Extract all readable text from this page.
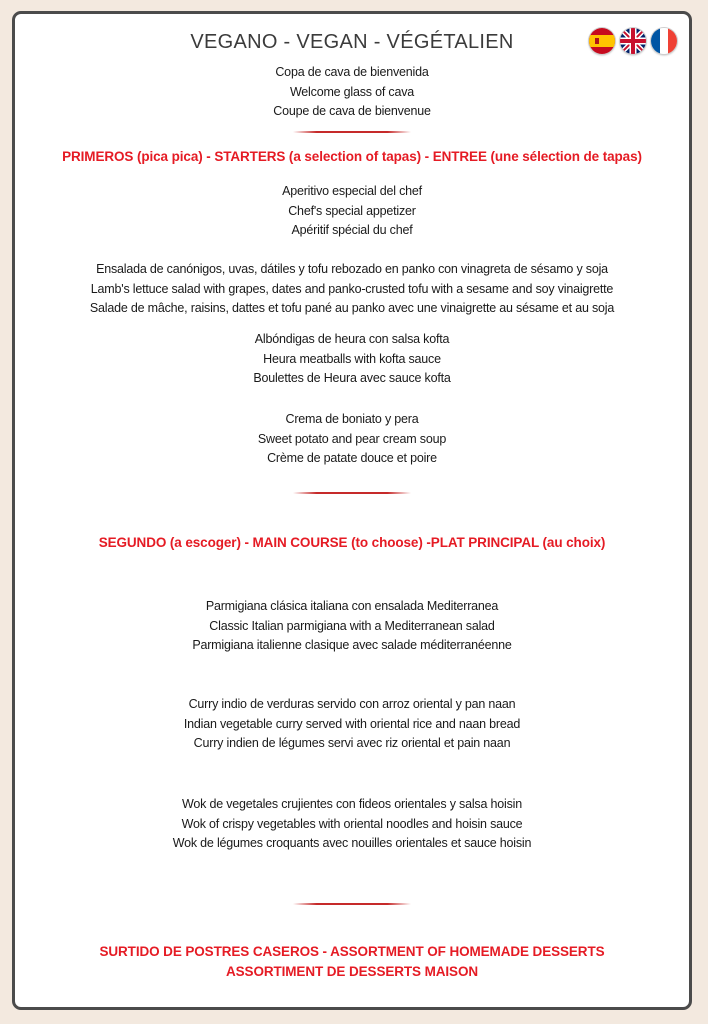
VEGANO - VEGAN - VÉGÉTALIEN
Copa de cava de bienvenida
Welcome glass of cava
Coupe de cava de bienvenue
PRIMEROS (pica pica) - STARTERS (a selection of tapas) - ENTREE (une sélection de tapas)
Aperitivo especial del chef
Chef's special appetizer
Apéritif spécial du chef
Ensalada de canónigos, uvas, dátiles y tofu rebozado en panko con vinagreta de sésamo y soja
Lamb's lettuce salad with grapes, dates and panko-crusted tofu with a sesame and soy vinaigrette
Salade de mâche, raisins, dattes et tofu pané au panko avec une vinaigrette au sésame et au soja
Albóndigas de heura con salsa kofta
Heura meatballs with kofta sauce
Boulettes de Heura avec sauce kofta
Crema de boniato y pera
Sweet potato and pear cream soup
Crème de patate douce et poire
SEGUNDO (a escoger) - MAIN COURSE (to choose) -PLAT PRINCIPAL (au choix)
Parmigiana clásica italiana con ensalada Mediterranea
Classic Italian parmigiana with a Mediterranean salad
Parmigiana italienne clasique avec salade méditerranéenne
Curry indio de verduras servido con arroz oriental y pan naan
Indian vegetable curry served with oriental rice and naan bread
Curry indien de légumes servi avec riz oriental et pain naan
Wok de vegetales crujientes con fideos orientales y salsa hoisin
Wok of crispy vegetables with oriental noodles and hoisin sauce
Wok de légumes croquants avec nouilles orientales et sauce hoisin
SURTIDO DE POSTRES CASEROS - ASSORTMENT OF HOMEMADE DESSERTS
ASSORTIMENT DE DESSERTS MAISON
